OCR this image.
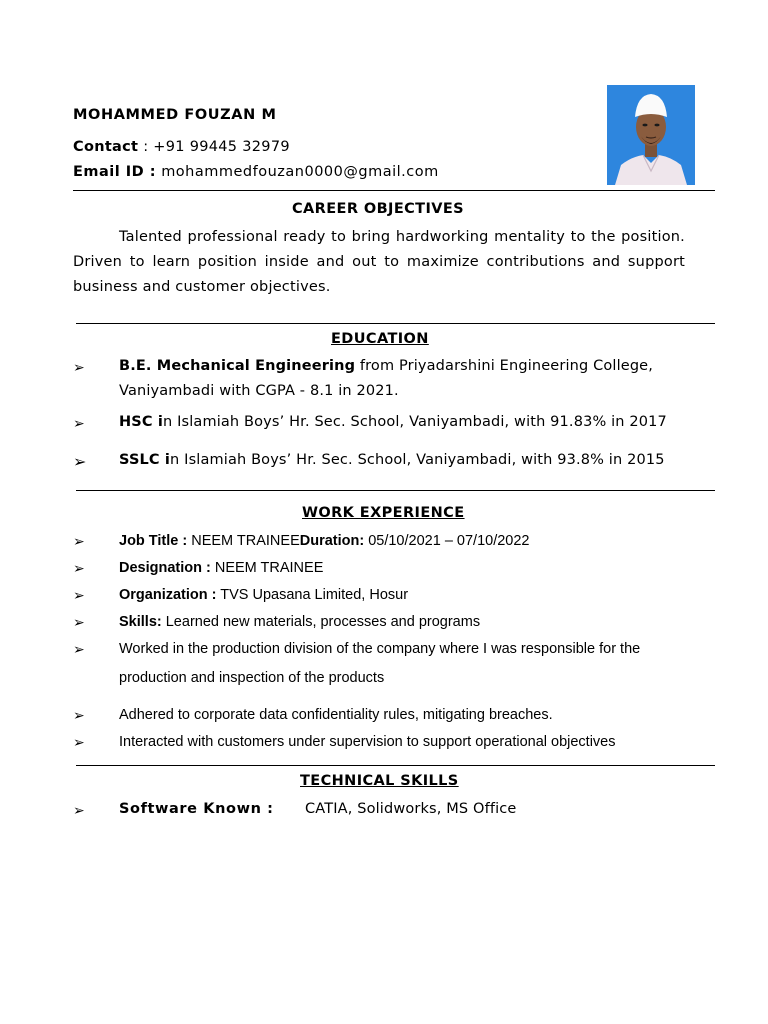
MOHAMMED FOUZAN M
Contact : +91 99445 32979
Email ID : mohammedfouzan0000@gmail.com
CAREER OBJECTIVES

Talented professional ready to bring hardworking mentality to the position. Driven to learn position inside and out to maximize contributions and support business and customer objectives.

EDUCATION
➢ B.E. Mechanical Engineering from Priyadarshini Engineering College,
Vaniyambadi with CGPA - 8.1 in 2021.
➢ HSC in Islamiah Boys’ Hr. Sec. School, Vaniyambadi, with 91.83% in 2017
➢ SSLC in Islamiah Boys’ Hr. Sec. School, Vaniyambadi, with 93.8% in 2015
WORK EXPERIENCE
➢ Job Title : NEEM TRAINEEDuration: 05/10/2021 – 07/10/2022
➢ Designation : NEEM TRAINEE
➢ Organization : TVS Upasana Limited, Hosur
➢ Skills: Learned new materials, processes and programs
➢ Worked in the production division of the company where I was responsible for the
production and inspection of the products
➢ Adhered to corporate data confidentiality rules, mitigating breaches.
➢ Interacted with customers under supervision to support operational objectives
TECHNICAL SKILLS
➢ Software Known : CATIA, Solidworks, MS Office
